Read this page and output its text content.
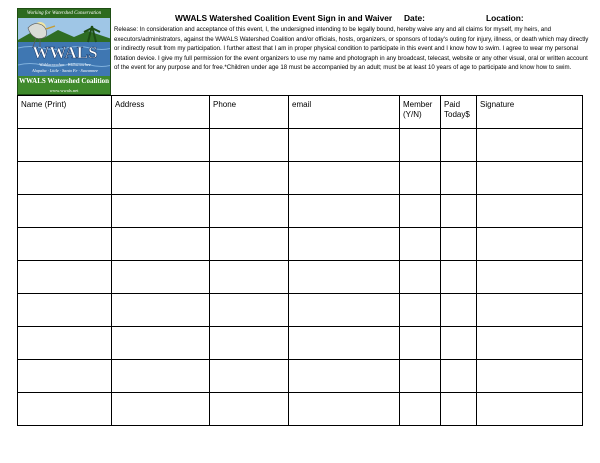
Working for Watershed Conservation
WWALS
Withlacoochee · Willacoochee
Alapaha · Little · Santa Fe · Suwannee
WWALS Watershed Coalition
www.wwals.net
WWALS Watershed Coalition Event Sign in and Waiver Date:	Location:

Release: In consideration and acceptance of this event, I, the undersigned intending to be legally bound, hereby waive any and all claims for myself, my heirs, and executors/administrators, against the WWALS Watershed Coalition and/or officials, hosts, organizers, or sponsors of today's outing for injury, illness, or death which may directly or indirectly result from my participation. I further attest that I am in proper physical condition to participate in this event and I know how to swim. I agree to wear my personal flotation device. I give my full permission for the event organizers to use my name and photograph in any broadcast, telecast, website or any other visual, oral or written account of the event for any purpose and for free.*Children under age 18 must be accompanied by an adult; must be at least 10 years of age to participate and know how to swim.

Name (Print)	Address	Phone	email	Member (Y/N)	Paid Today$	Signature
